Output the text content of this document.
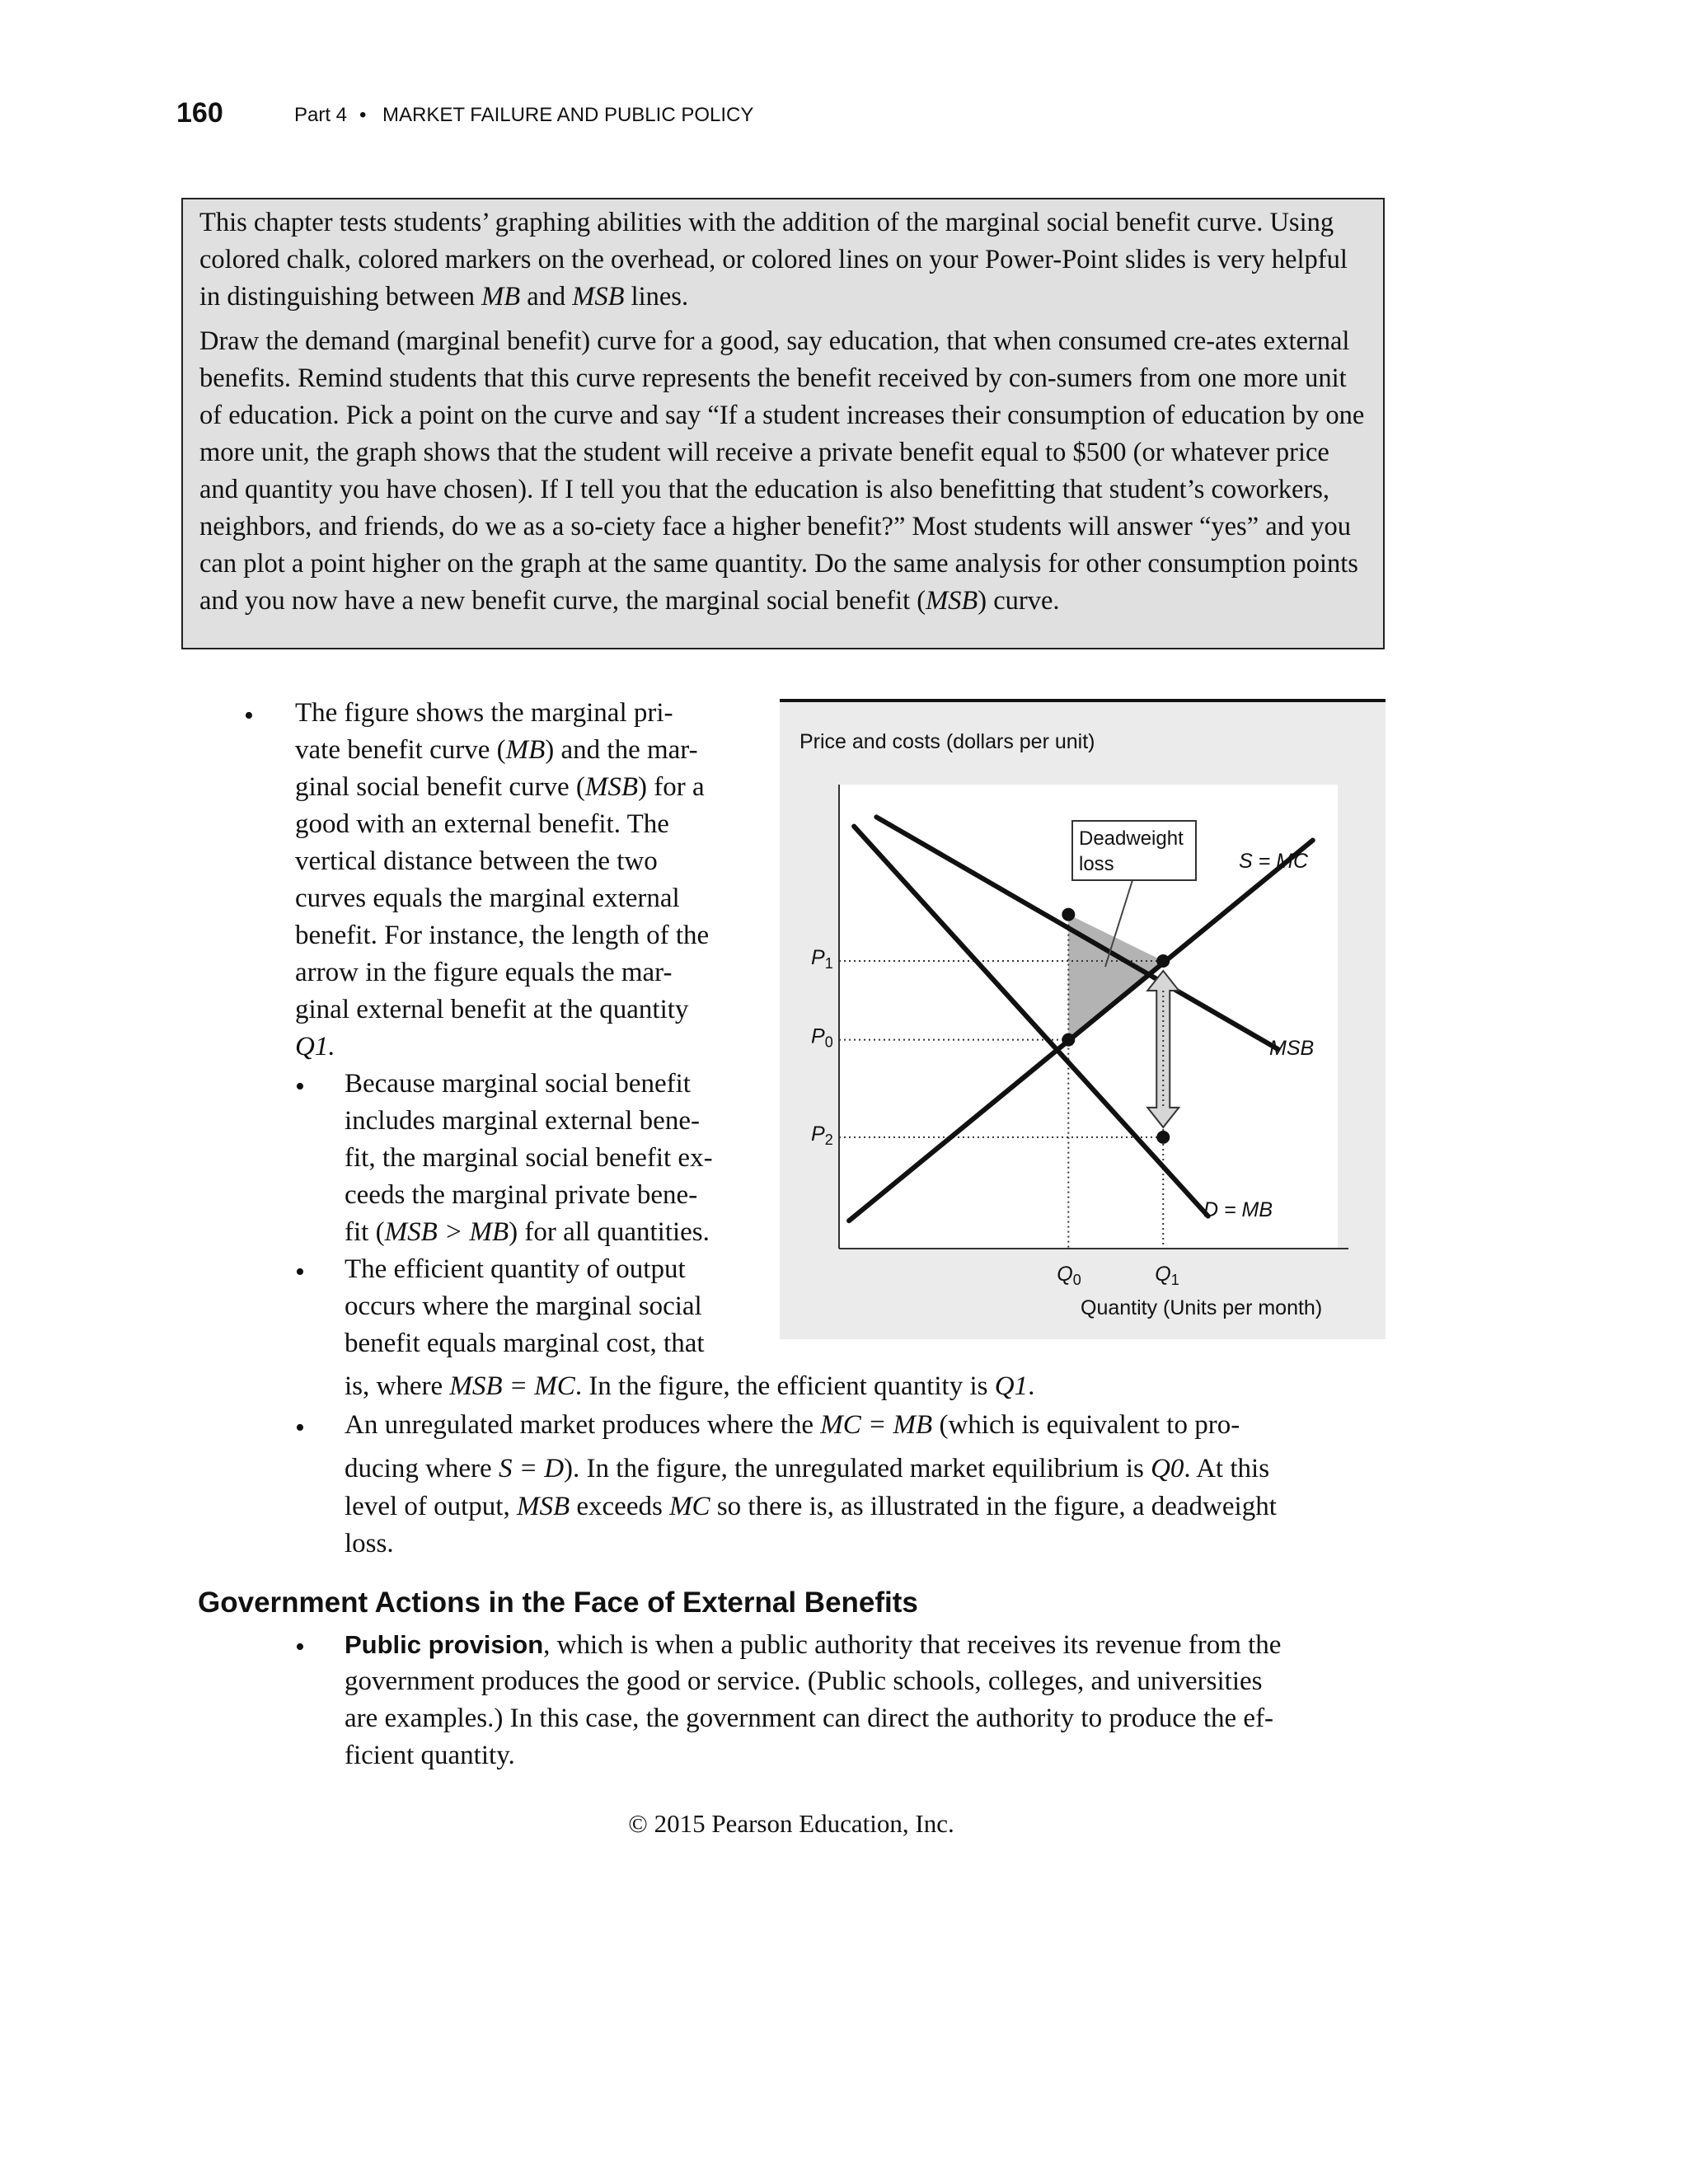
160	Part 4 • MARKET FAILURE AND PUBLIC POLICY

This chapter tests students’ graphing abilities with the addition of the marginal social benefit curve. Using colored chalk, colored markers on the overhead, or colored lines on your Power-Point slides is very helpful in distinguishing between MB and MSB lines.

Draw the demand (marginal benefit) curve for a good, say education, that when consumed cre-ates external benefits. Remind students that this curve represents the benefit received by con-sumers from one more unit of education. Pick a point on the curve and say “If a student increases their consumption of education by one more unit, the graph shows that the student will receive a private benefit equal to $500 (or whatever price and quantity you have chosen). If I tell you that the education is also benefitting that student’s coworkers, neighbors, and friends, do we as a so-ciety face a higher benefit?” Most students will answer “yes” and you can plot a point higher on the graph at the same quantity. Do the same analysis for other consumption points and you now have a new benefit curve, the marginal social benefit (MSB) curve.

• The figure shows the marginal pri-
vate benefit curve (MB) and the mar-
ginal social benefit curve (MSB) for a
good with an external benefit. The
vertical distance between the two
curves equals the marginal external
benefit. For instance, the length of the
arrow in the figure equals the mar-
ginal external benefit at the quantity
Q1.
• Because marginal social benefit
includes marginal external bene-
fit, the marginal social benefit ex-
ceeds the marginal private bene-
fit (MSB > MB) for all quantities.
• The efficient quantity of output
occurs where the marginal social
benefit equals marginal cost, that
is, where MSB = MC. In the figure, the efficient quantity is Q1.
• An unregulated market produces where the MC = MB (which is equivalent to pro-
ducing where S = D). In the figure, the unregulated market equilibrium is Q0. At this
level of output, MSB exceeds MC so there is, as illustrated in the figure, a deadweight
loss.
Government Actions in the Face of External Benefits
• Public provision, which is when a public authority that receives its revenue from the
government produces the good or service. (Public schools, colleges, and universities
are examples.) In this case, the government can direct the authority to produce the ef-
ficient quantity.
Price and costs (dollars per unit)
Deadweight
loss	S = MC
MSB
D = MB
$P_1$
$P_0$
$P_2$
$Q_0$	$Q_1$
Quantity (Units per month)
© 2015 Pearson Education, Inc.
